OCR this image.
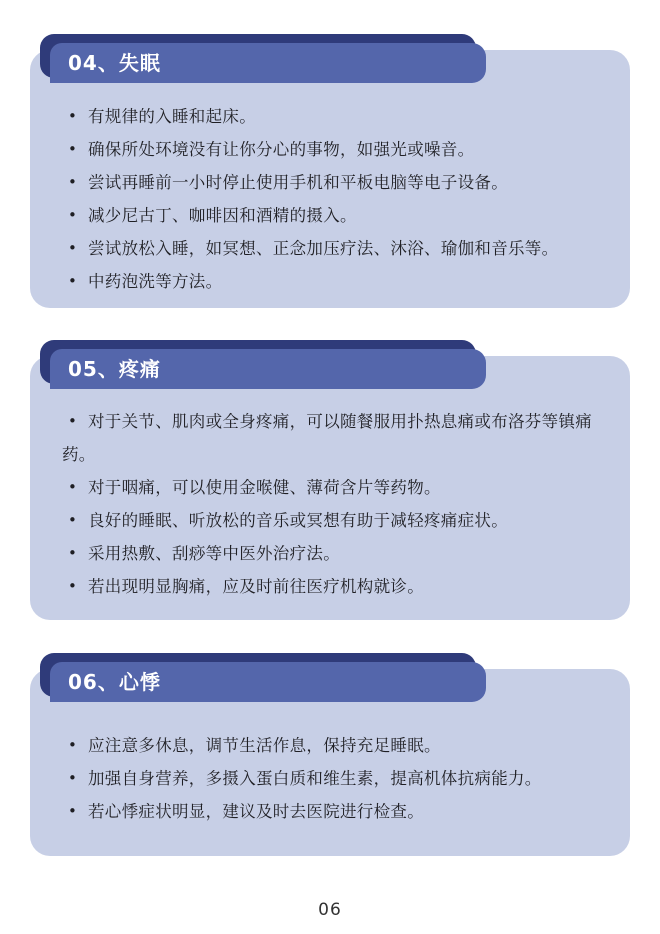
04、失眠
• 有规律的入睡和起床。
• 确保所处环境没有让你分心的事物，如强光或噪音。
• 尝试再睡前一小时停止使用手机和平板电脑等电子设备。
• 减少尼古丁、咖啡因和酒精的摄入。
• 尝试放松入睡，如冥想、正念加压疗法、沐浴、瑜伽和音乐等。
• 中药泡洗等方法。
05、疼痛
• 对于关节、肌肉或全身疼痛，可以随餐服用扑热息痛或布洛芬等镇痛药。
• 对于咽痛，可以使用金喉健、薄荷含片等药物。
• 良好的睡眠、听放松的音乐或冥想有助于减轻疼痛症状。
• 采用热敷、刮痧等中医外治疗法。
• 若出现明显胸痛，应及时前往医疗机构就诊。
06、心悸
• 应注意多休息，调节生活作息，保持充足睡眠。
• 加强自身营养，多摄入蛋白质和维生素，提高机体抗病能力。
• 若心悸症状明显，建议及时去医院进行检查。
06
